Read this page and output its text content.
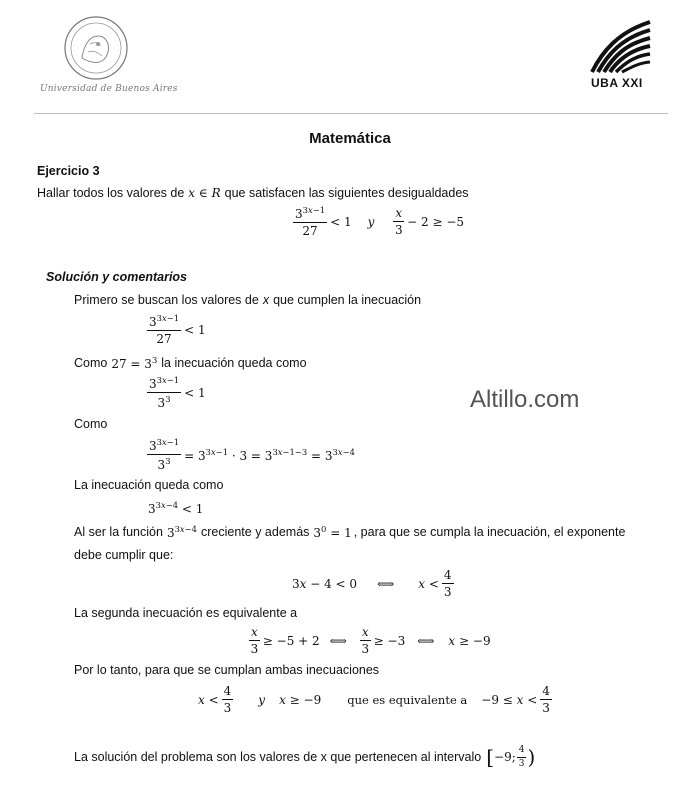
Universidad de Buenos Aires	UBA XXI
Matemática
Ejercicio 3
Hallar todos los valores de x ∈ R que satisfacen las siguientes desigualdades
$\frac{3^{3x-1}}{27} < 1$ y $\frac{x}{3} - 2 \ge -5$
Solución y comentarios
Primero se buscan los valores de x que cumplen la inecuación
$\frac{3^{3x-1}}{27} < 1$
Como $27 = 3^3$ la inecuación queda como
$\frac{3^{3x-1}}{3^3} < 1$
Como
$\frac{3^{3x-1}}{3^3} = 3^{3x-1} \cdot 3 = 3^{3x-1-3} = 3^{3x-4}$
La inecuación queda como
$3^{3x-4} < 1$
Al ser la función $3^{3x-4}$ creciente y además $3^0 = 1$ , para que se cumpla la inecuación, el exponente
debe cumplir que:
3x − 4 < 0 ⟺ $x < \frac{4}{3}$
La segunda inecuación es equivalente a
$\frac{x}{3} \ge -5 + 2$ ⟺ $\frac{x}{3} \ge -3$ ⟺ x ≥ −9
Por lo tanto, para que se cumplan ambas inecuaciones
$x < \frac{4}{3}$ y x ≥ −9 que es equivalente $a -9 \le x < \frac{4}{3}$
La solución del problema son los valores de x que pertenecen al intervalo [ −9; $\frac{4}{3}$ )
Altillo.com
